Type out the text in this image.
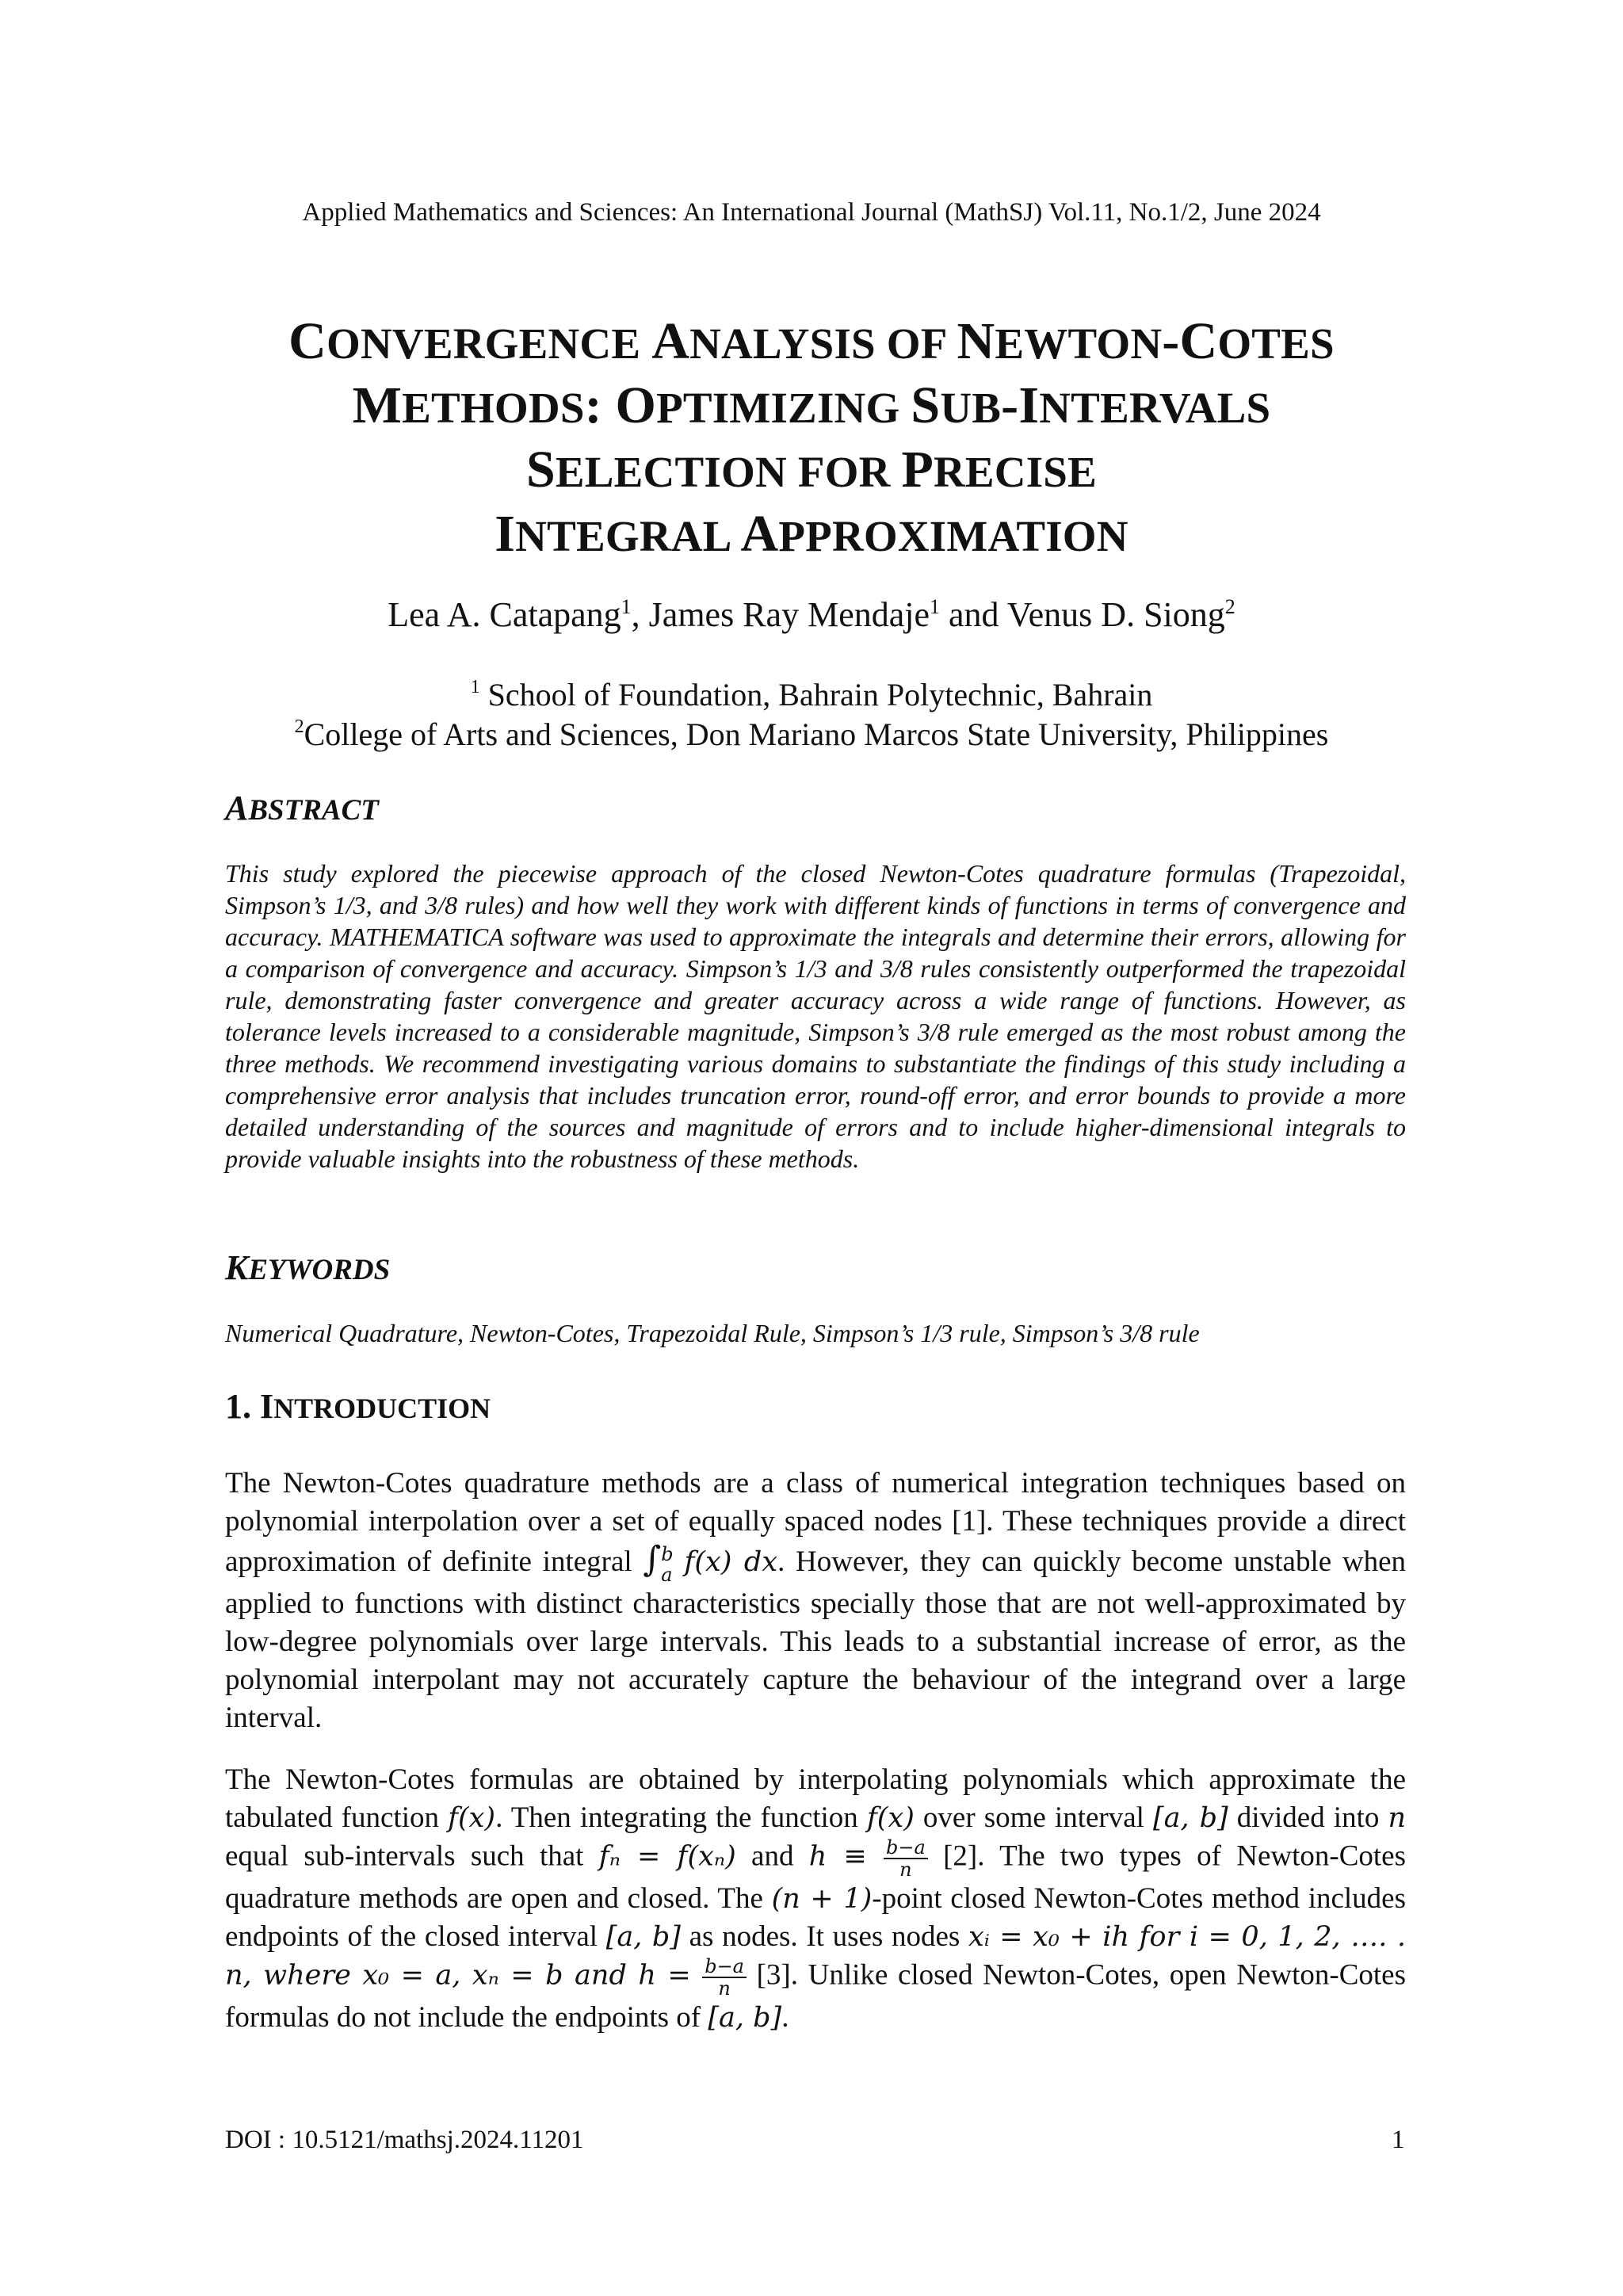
Applied Mathematics and Sciences: An International Journal (MathSJ) Vol.11, No.1/2, June 2024
CONVERGENCE ANALYSIS OF NEWTON-COTES
METHODS: OPTIMIZING SUB-INTERVALS
SELECTION FOR PRECISE
INTEGRAL APPROXIMATION
Lea A. Catapang$^1$, James Ray Mendaje$^1$ and Venus D. Siong$^2$
$^1$ School of Foundation, Bahrain Polytechnic, Bahrain
$^2$College of Arts and Sciences, Don Mariano Marcos State University, Philippines
ABSTRACT
This study explored the piecewise approach of the closed Newton-Cotes quadrature formulas (Trapezoidal, Simpson’s 1/3, and 3/8 rules) and how well they work with different kinds of functions in terms of convergence and accuracy. MATHEMATICA software was used to approximate the integrals and determine their errors, allowing for a comparison of convergence and accuracy. Simpson’s 1/3 and 3/8 rules consistently outperformed the trapezoidal rule, demonstrating faster convergence and greater accuracy across a wide range of functions. However, as tolerance levels increased to a considerable magnitude, Simpson’s 3/8 rule emerged as the most robust among the three methods. We recommend investigating various domains to substantiate the findings of this study including a comprehensive error analysis that includes truncation error, round-off error, and error bounds to provide a more detailed understanding of the sources and magnitude of errors and to include higher-dimensional integrals to provide valuable insights into the robustness of these methods.
KEYWORDS
Numerical Quadrature, Newton-Cotes, Trapezoidal Rule, Simpson’s 1/3 rule, Simpson’s 3/8 rule
1. INTRODUCTION
The Newton-Cotes quadrature methods are a class of numerical integration techniques based on polynomial interpolation over a set of equally spaced nodes [1]. These techniques provide a direct approximation of definite integral ∫ b
a f(x) dx. However, they can quickly become unstable when applied to functions with distinct characteristics specially those that are not well-approximated by low-degree polynomials over large intervals. This leads to a substantial increase of error, as the polynomial interpolant may not accurately capture the behaviour of the integrand over a large interval.
The Newton-Cotes formulas are obtained by interpolating polynomials which approximate the tabulated function f(x). Then integrating the function f(x) over some interval [a, b] divided into n equal sub-intervals such that fₙ = f(xₙ) and $h \equiv \frac{b-a}{n} [2]$. The two types of Newton-Cotes quadrature methods are open and closed. The (n + 1)-point closed Newton-Cotes method includes endpoints of the closed interval [a, b] as nodes. It uses nodes xᵢ = x₀ + ih for i = 0, 1, 2, …. . n, where x₀ = a, xₙ = b and $h = \frac{b-a}{n} [3]$. Unlike closed Newton-Cotes, open Newton-Cotes formulas do not include the endpoints of [a, b].
DOI : 10.5121/mathsj.2024.11201	1
